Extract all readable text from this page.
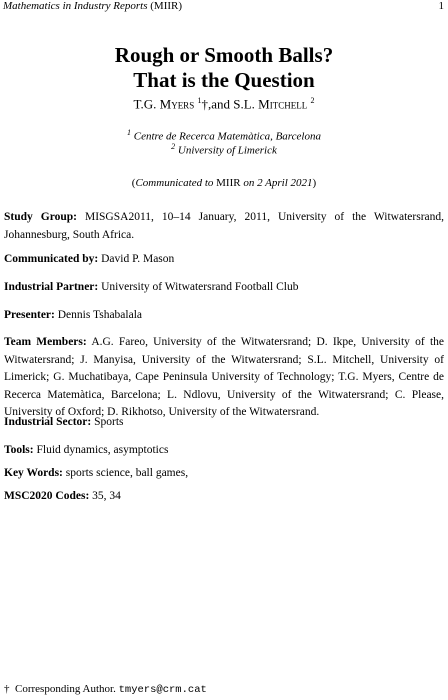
Mathematics in Industry Reports (MIIR)	1
Rough or Smooth Balls?
That is the Question
T.G. Myers $^1$†,and S.L. Mitchell $^2$
$^1$ Centre de Recerca Matemàtica, Barcelona
$^2$ University of Limerick
(Communicated to MIIR on 2 April 2021)
Study Group: MISGSA2011, 10–14 January, 2011, University of the Witwatersrand, Johannesburg, South Africa.
Communicated by: David P. Mason
Industrial Partner: University of Witwatersrand Football Club
Presenter: Dennis Tshabalala
Team Members: A.G. Fareo, University of the Witwatersrand; D. Ikpe, University of the Witwatersrand; J. Manyisa, University of the Witwatersrand; S.L. Mitchell, University of Limerick; G. Muchatibaya, Cape Peninsula University of Technology; T.G. Myers, Centre de Recerca Matemàtica, Barcelona; L. Ndlovu, University of the Witwatersrand; C. Please, University of Oxford; D. Rikhotso, University of the Witwatersrand.
Industrial Sector: Sports
Tools: Fluid dynamics, asymptotics
Key Words: sports science, ball games,
MSC2020 Codes: 35, 34
† Corresponding Author. tmyers@crm.cat
